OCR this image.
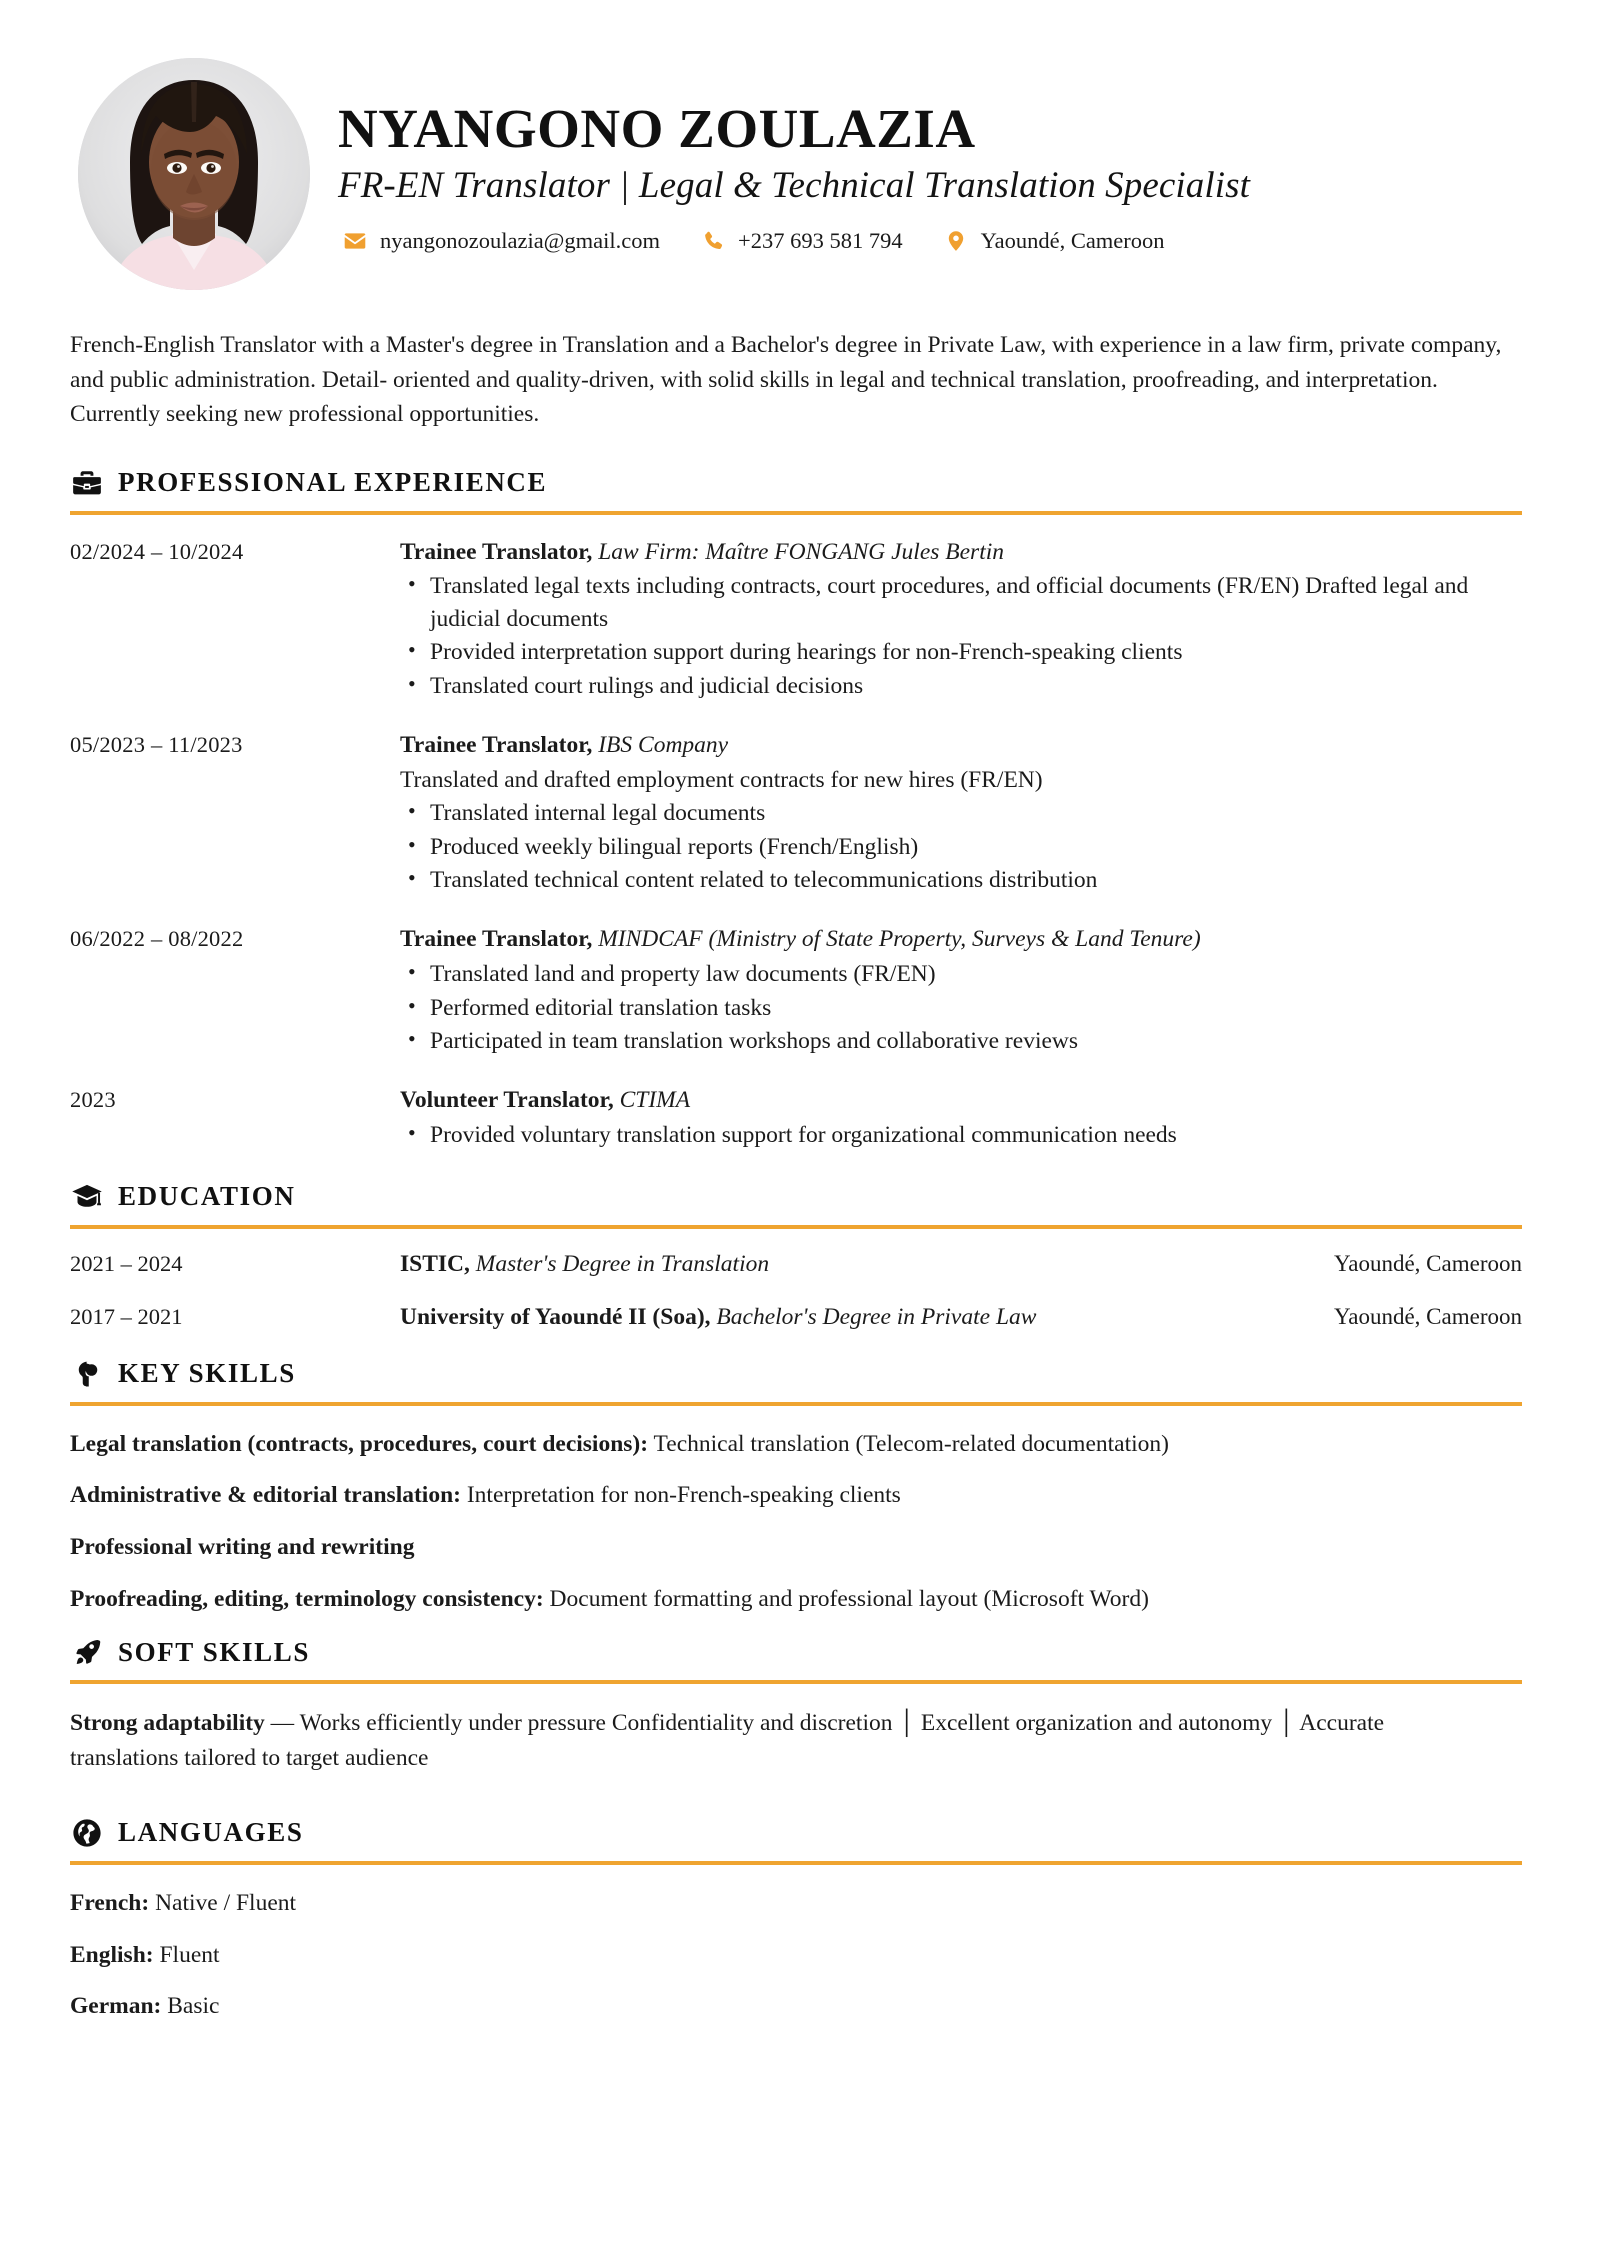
NYANGONO ZOULAZIA
FR-EN Translator | Legal & Technical Translation Specialist
nyangonozoulazia@gmail.com	+237 693 581 794	Yaoundé, Cameroon

French-English Translator with a Master's degree in Translation and a Bachelor's degree in Private Law, with experience in a law firm, private company, and public administration. Detail- oriented and quality-driven, with solid skills in legal and technical translation, proofreading, and interpretation. Currently seeking new professional opportunities.

PROFESSIONAL EXPERIENCE
02/2024 – 10/2024	Trainee Translator, Law Firm: Maître FONGANG Jules Bertin
• Translated legal texts including contracts, court procedures, and official documents (FR/EN) Drafted legal and judicial documents
• Provided interpretation support during hearings for non-French-speaking clients
• Translated court rulings and judicial decisions
05/2023 – 11/2023	Trainee Translator, IBS Company
Translated and drafted employment contracts for new hires (FR/EN)
• Translated internal legal documents
• Produced weekly bilingual reports (French/English)
• Translated technical content related to telecommunications distribution
06/2022 – 08/2022	Trainee Translator, MINDCAF (Ministry of State Property, Surveys & Land Tenure)
• Translated land and property law documents (FR/EN)
• Performed editorial translation tasks
• Participated in team translation workshops and collaborative reviews
2023	Volunteer Translator, CTIMA
• Provided voluntary translation support for organizational communication needs
EDUCATION
2021 – 2024	ISTIC, Master's Degree in Translation	Yaoundé, Cameroon
2017 – 2021	University of Yaoundé II (Soa), Bachelor's Degree in Private Law	Yaoundé, Cameroon
KEY SKILLS
Legal translation (contracts, procedures, court decisions): Technical translation (Telecom-related documentation)
Administrative & editorial translation: Interpretation for non-French-speaking clients
Professional writing and rewriting
Proofreading, editing, terminology consistency: Document formatting and professional layout (Microsoft Word)
SOFT SKILLS
Strong adaptability — Works efficiently under pressure Confidentiality and discretion │ Excellent organization and autonomy │ Accurate translations tailored to target audience
LANGUAGES
French: Native / Fluent
English: Fluent
German: Basic
